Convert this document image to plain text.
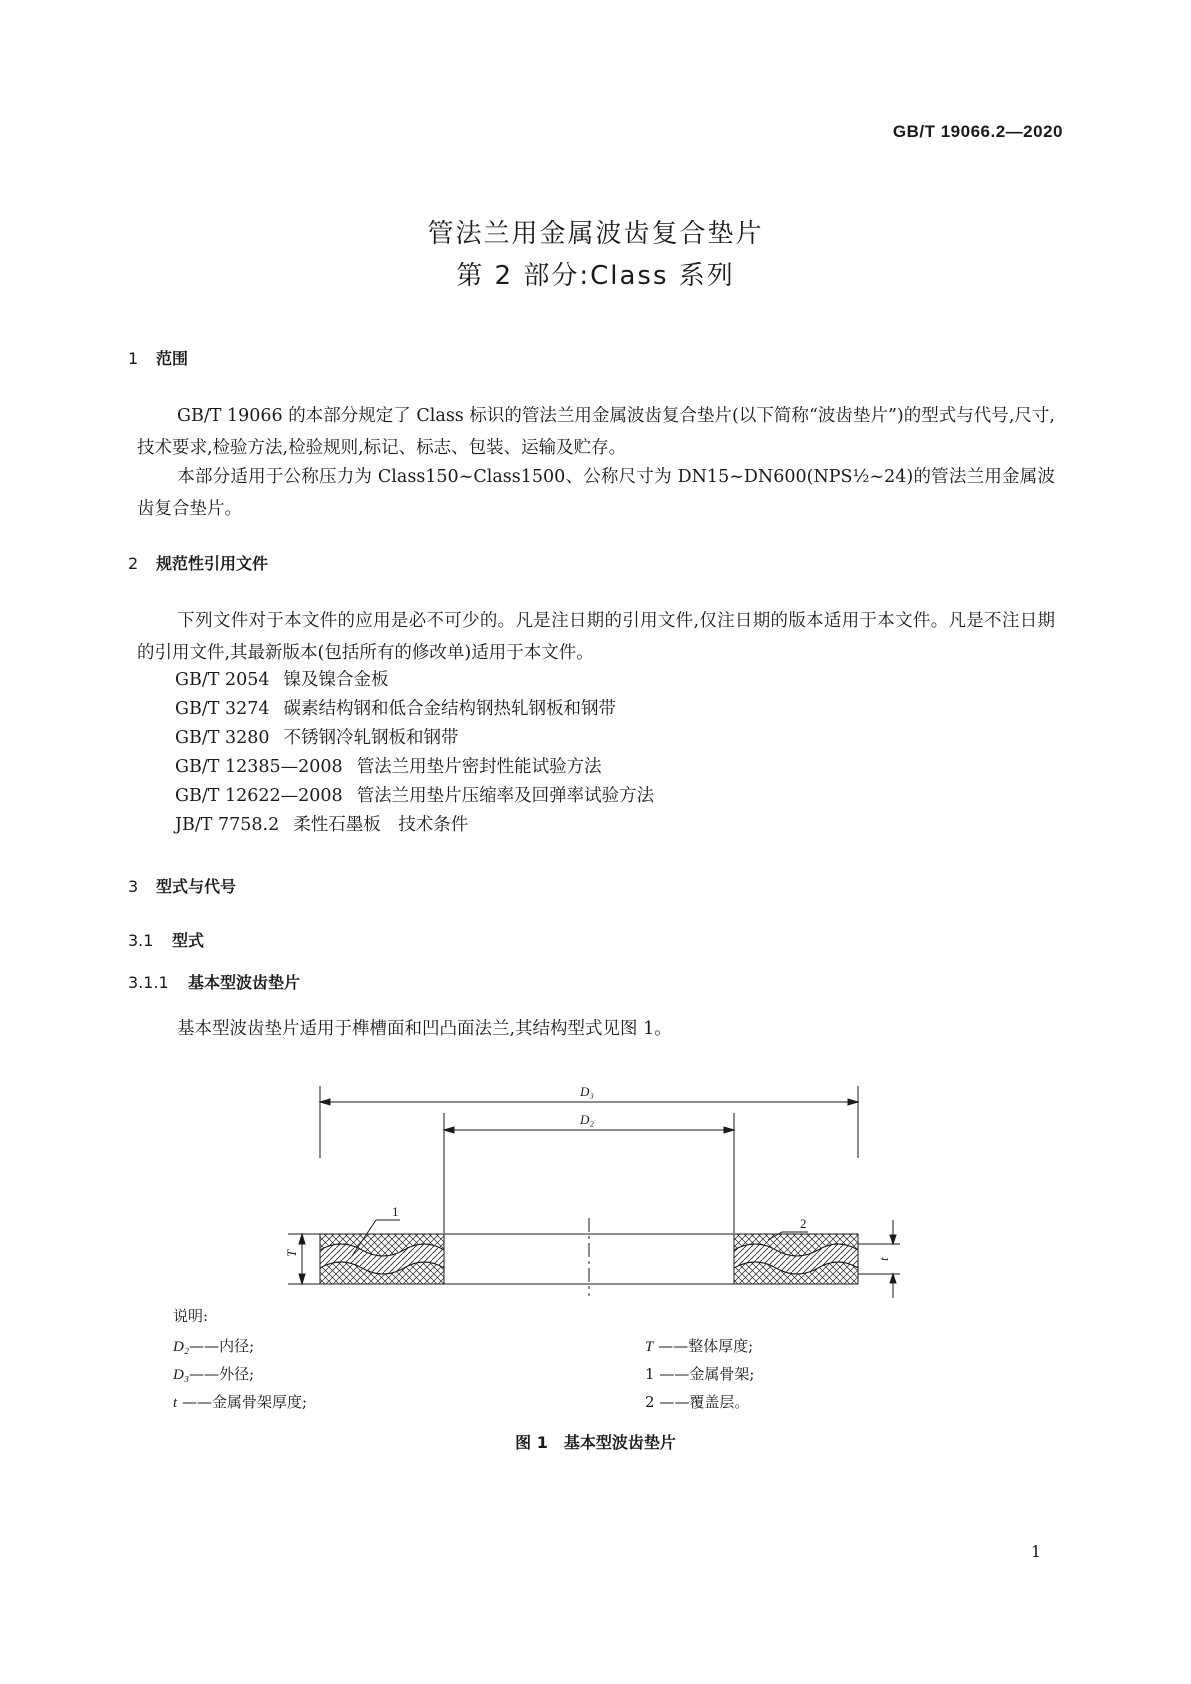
GB/T 19066.2—2020
管法兰用金属波齿复合垫片
第 2 部分:Class 系列
1 范围
GB/T 19066 的本部分规定了 Class 标识的管法兰用金属波齿复合垫片(以下简称“波齿垫片”)的型式与代号,尺寸,技术要求,检验方法,检验规则,标记、标志、包装、运输及贮存。
本部分适用于公称压力为 Class150~Class1500、公称尺寸为 DN15~DN600(NPS½~24)的管法兰用金属波齿复合垫片。
2 规范性引用文件
下列文件对于本文件的应用是必不可少的。凡是注日期的引用文件,仅注日期的版本适用于本文件。凡是不注日期的引用文件,其最新版本(包括所有的修改单)适用于本文件。
GB/T 2054 镍及镍合金板
GB/T 3274 碳素结构钢和低合金结构钢热轧钢板和钢带
GB/T 3280 不锈钢冷轧钢板和钢带
GB/T 12385—2008 管法兰用垫片密封性能试验方法
GB/T 12622—2008 管法兰用垫片压缩率及回弹率试验方法
JB/T 7758.2 柔性石墨板　技术条件
3 型式与代号
3.1 型式
3.1.1 基本型波齿垫片
基本型波齿垫片适用于榫槽面和凹凸面法兰,其结构型式见图 1。
D₃
D₂
T
t
1
2
说明:
D₂——内径;
D₃——外径;
t ——金属骨架厚度;
T ——整体厚度;
1 ——金属骨架;
2 ——覆盖层。
图 1　基本型波齿垫片
1
